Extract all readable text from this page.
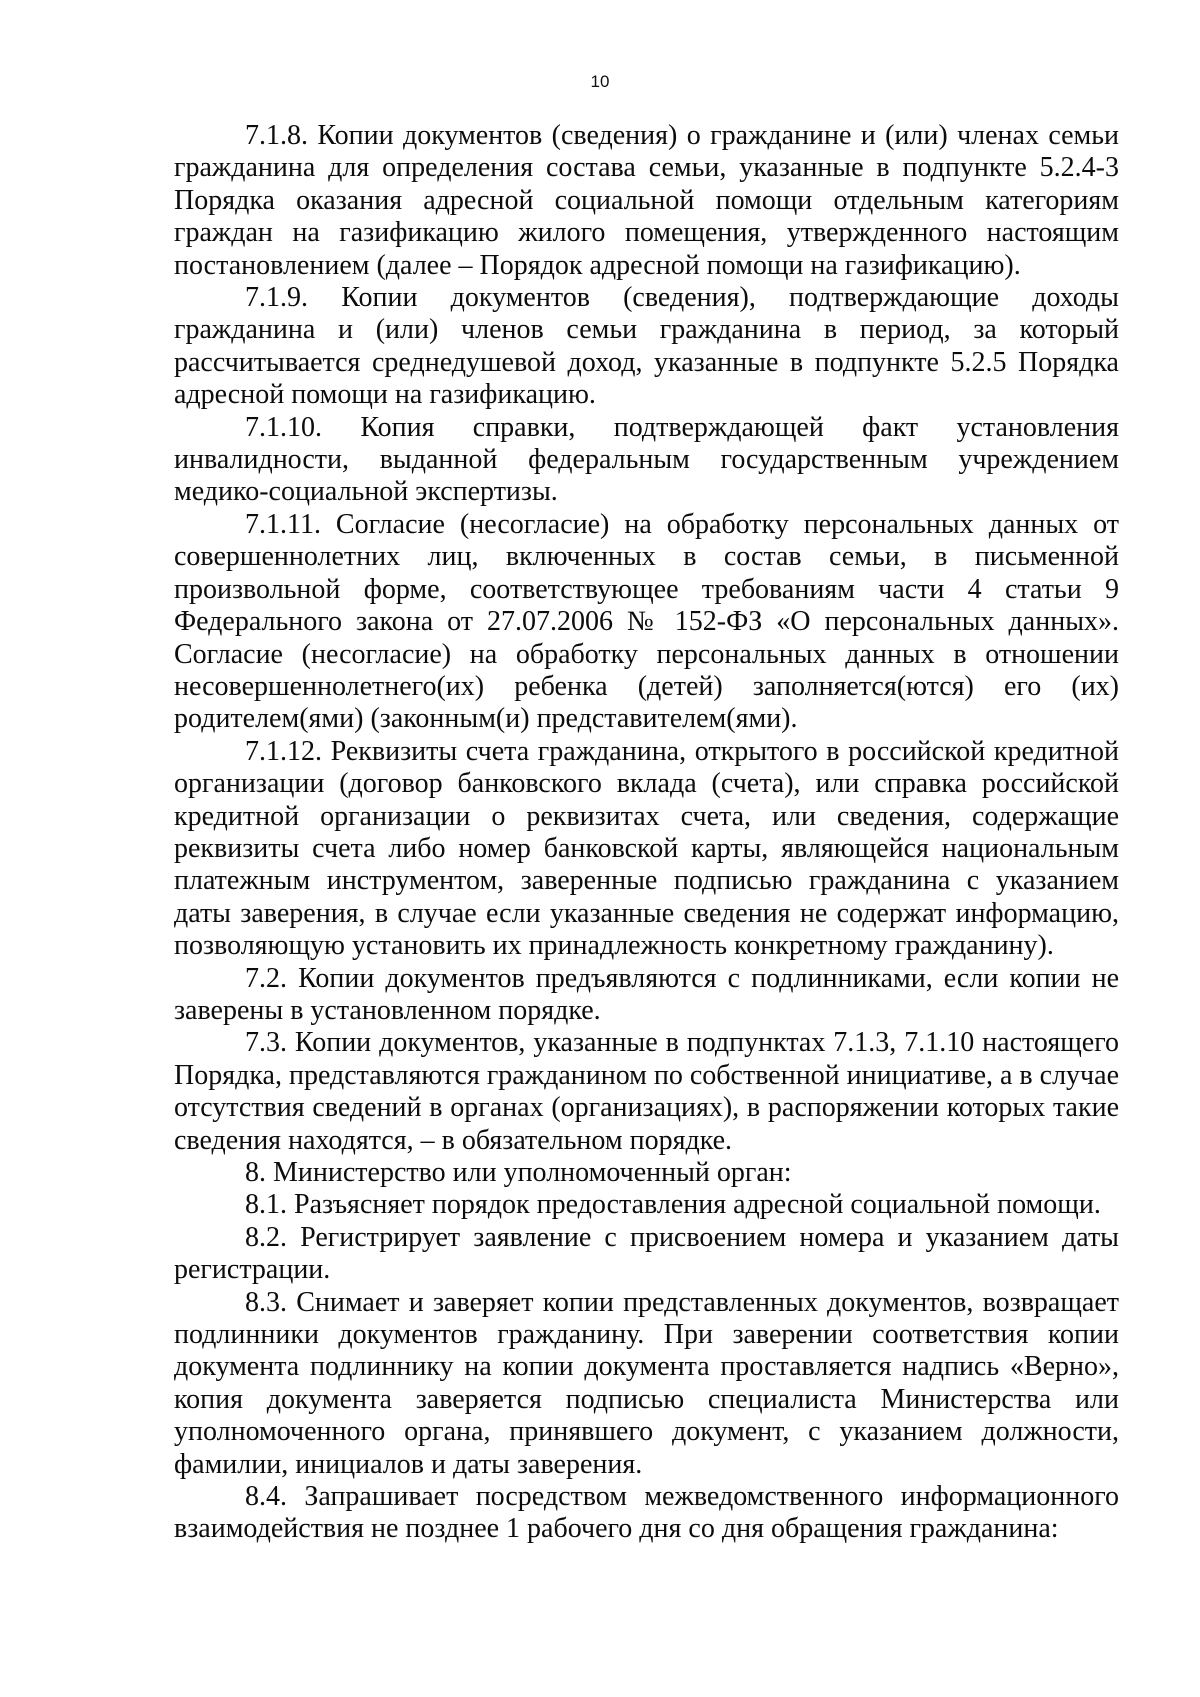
10

7.1.8. Копии документов (сведения) о гражданине и (или) членах семьи гражданина для определения состава семьи, указанные в подпункте 5.2.4-3 Порядка оказания адресной социальной помощи отдельным категориям граждан на газификацию жилого помещения, утвержденного настоящим постановлением (далее – Порядок адресной помощи на газификацию).

7.1.9. Копии документов (сведения), подтверждающие доходы гражданина и (или) членов семьи гражданина в период, за который рассчитывается среднедушевой доход, указанные в подпункте 5.2.5 Порядка адресной помощи на газификацию.

7.1.10. Копия справки, подтверждающей факт установления инвалидности, выданной федеральным государственным учреждением медико-социальной экспертизы.

7.1.11. Согласие (несогласие) на обработку персональных данных от совершеннолетних лиц, включенных в состав семьи, в письменной произвольной форме, соответствующее требованиям части 4 статьи 9 Федерального закона от 27.07.2006 № 152-ФЗ «О персональных данных». Согласие (несогласие) на обработку персональных данных в отношении несовершеннолетнего(их) ребенка (детей) заполняется(ются) его (их) родителем(ями) (законным(и) представителем(ями).

7.1.12. Реквизиты счета гражданина, открытого в российской кредитной организации (договор банковского вклада (счета), или справка российской кредитной организации о реквизитах счета, или сведения, содержащие реквизиты счета либо номер банковской карты, являющейся национальным платежным инструментом, заверенные подписью гражданина с указанием даты заверения, в случае если указанные сведения не содержат информацию, позволяющую установить их принадлежность конкретному гражданину).

7.2. Копии документов предъявляются с подлинниками, если копии не заверены в установленном порядке.

7.3. Копии документов, указанные в подпунктах 7.1.3, 7.1.10 настоящего Порядка, представляются гражданином по собственной инициативе, а в случае отсутствия сведений в органах (организациях), в распоряжении которых такие сведения находятся, – в обязательном порядке.

8. Министерство или уполномоченный орган:

8.1. Разъясняет порядок предоставления адресной социальной помощи.

8.2. Регистрирует заявление с присвоением номера и указанием даты регистрации.

8.3. Снимает и заверяет копии представленных документов, возвращает подлинники документов гражданину. При заверении соответствия копии документа подлиннику на копии документа проставляется надпись «Верно», копия документа заверяется подписью специалиста Министерства или уполномоченного органа, принявшего документ, с указанием должности, фамилии, инициалов и даты заверения.

8.4. Запрашивает посредством межведомственного информационного взаимодействия не позднее 1 рабочего дня со дня обращения гражданина:
